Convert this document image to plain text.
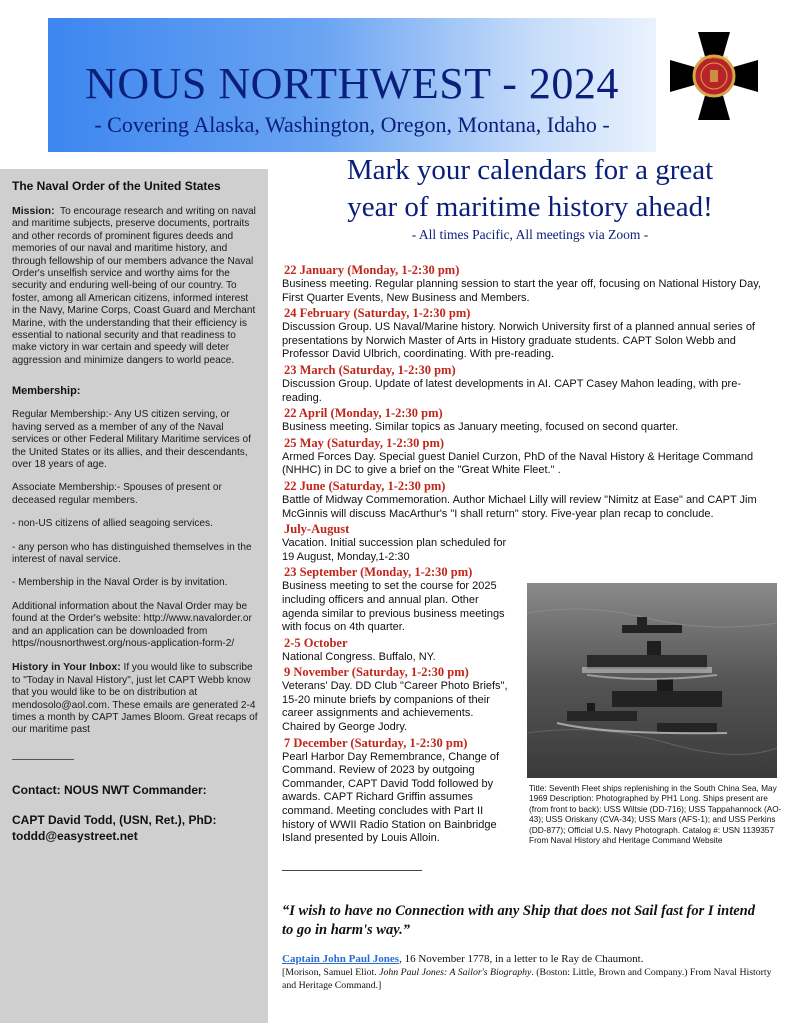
NOUS NORTHWEST - 2024
- Covering Alaska, Washington, Oregon, Montana, Idaho -
NAVAL ORDER
The Naval Order of the United States
Mission: To encourage research and writing on naval and maritime subjects, preserve documents, portraits and other records of prominent figures deeds and memories of our naval and maritime history, and through fellowship of our members advance the Naval Order's unselfish service and worthy aims for the security and enduring well-being of our country. To foster, among all American citizens, informed interest in the Navy, Marine Corps, Coast Guard and Merchant Marine, with the understanding that their efficiency is essential to national security and that readiness to make victory in war certain and speedy will deter aggression and minimize dangers to world peace.
Membership:
Regular Membership:- Any US citizen serving, or having served as a member of any of the Naval services or other Federal Military Maritime services of the United States or its allies, and their descendants, over 18 years of age.
Associate Membership:- Spouses of present or deceased regular members.
- non-US citizens of allied seagoing services.
- any person who has distinguished themselves in the interest of naval service.
- Membership in the Naval Order is by invitation.
Additional information about the Naval Order may be found at the Order's website: http://www.navalorder.or and an application can be downloaded from https//nousnorthwest.org/nous-application-form-2/
History in Your Inbox: If you would like to subscribe to "Today in Naval History", just let CAPT Webb know that you would like to be on distribution at mendosolo@aol.com. These emails are generated 2-4 times a month by CAPT James Bloom. Great recaps of our maritime past
Contact: NOUS NWT Commander:
CAPT David Todd, (USN, Ret.), PhD:
toddd@easystreet.net
Mark your calendars for a great
year of maritime history ahead!
- All times Pacific, All meetings via Zoom -
22 January (Monday, 1-2:30 pm)
Business meeting. Regular planning session to start the year off, focusing on National History Day, First Quarter Events, New Business and Members.
24 February (Saturday, 1-2:30 pm)
Discussion Group. US Naval/Marine history. Norwich University first of a planned annual series of presentations by Norwich Master of Arts in History graduate students. CAPT Solon Webb and Professor David Ulbrich, coordinating. With pre-reading.
23 March (Saturday, 1-2:30 pm)
Discussion Group. Update of latest developments in AI. CAPT Casey Mahon leading, with pre-reading.
22 April (Monday, 1-2:30 pm)
Business meeting. Similar topics as January meeting, focused on second quarter.
25 May (Saturday, 1-2:30 pm)
Armed Forces Day. Special guest Daniel Curzon, PhD of the Naval History & Heritage Command (NHHC) in DC to give a brief on the "Great White Fleet." .
22 June (Saturday, 1-2:30 pm)
Battle of Midway Commemoration. Author Michael Lilly will review "Nimitz at Ease" and CAPT Jim McGinnis will discuss MacArthur's "I shall return" story. Five-year plan recap to conclude.
July-August
Vacation. Initial succession plan scheduled for 19 August, Monday,1-2:30
23 September (Monday, 1-2:30 pm)
Business meeting to set the course for 2025 including officers and annual plan. Other agenda similar to previous business meetings with focus on 4th quarter.
2-5 October
National Congress. Buffalo, NY.
9 November (Saturday, 1-2:30 pm)
Veterans' Day. DD Club "Career Photo Briefs", 15-20 minute briefs by companions of their career assignments and achievements. Chaired by George Jodry.
7 December (Saturday, 1-2:30 pm)
Pearl Harbor Day Remembrance, Change of Command. Review of 2023 by outgoing Commander, CAPT David Todd followed by awards. CAPT Richard Griffin assumes command. Meeting concludes with Part II history of WWII Radio Station on Bainbridge Island presented by Louis Alloin.
Title: Seventh Fleet ships replenishing in the South China Sea, May 1969 Description: Photographed by PH1 Long. Ships present are (from front to back): USS Wiltsie (DD-716); USS Tappahannock (AO-43); USS Oriskany (CVA-34); USS Mars (AFS-1); and USS Perkins (DD-877); Official U.S. Navy Photograph. Catalog #: USN 1139357 From Naval History ahd Heritage Command Website
“I wish to have no Connection with any Ship that does not Sail fast for I intend to go in harm's way.”
Captain John Paul Jones, 16 November 1778, in a letter to le Ray de Chaumont.
[Morison, Samuel Eliot. John Paul Jones: A Sailor's Biography. (Boston: Little, Brown and Company.) From Naval Historty and Heritage Command.]
